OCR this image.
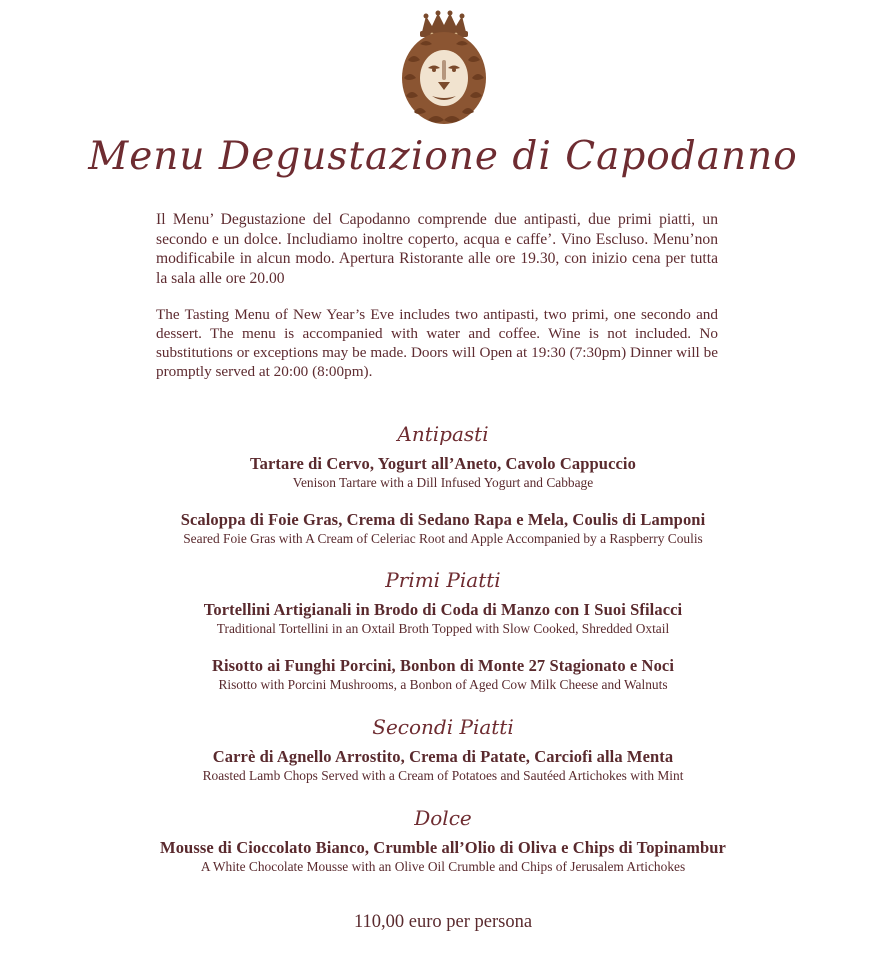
Menu Degustazione di Capodanno

Il Menu’ Degustazione del Capodanno comprende due antipasti, due primi piatti, un secondo e un dolce. Includiamo inoltre coperto, acqua e caffe’. Vino Escluso. Menu’non modificabile in alcun modo. Apertura Ristorante alle ore 19.30, con inizio cena per tutta la sala alle ore 20.00

The Tasting Menu of New Year’s Eve includes two antipasti, two primi, one secondo and dessert. The menu is accompanied with water and coffee. Wine is not included. No substitutions or exceptions may be made. Doors will Open at 19:30 (7:30pm) Dinner will be promptly served at 20:00 (8:00pm).

Antipasti
Tartare di Cervo, Yogurt all’Aneto, Cavolo Cappuccio
Venison Tartare with a Dill Infused Yogurt and Cabbage
Scaloppa di Foie Gras, Crema di Sedano Rapa e Mela, Coulis di Lamponi
Seared Foie Gras with A Cream of Celeriac Root and Apple Accompanied by a Raspberry Coulis
Primi Piatti
Tortellini Artigianali in Brodo di Coda di Manzo con I Suoi Sfilacci
Traditional Tortellini in an Oxtail Broth Topped with Slow Cooked, Shredded Oxtail
Risotto ai Funghi Porcini, Bonbon di Monte 27 Stagionato e Noci
Risotto with Porcini Mushrooms, a Bonbon of Aged Cow Milk Cheese and Walnuts
Secondi Piatti
Carrè di Agnello Arrostito, Crema di Patate, Carciofi alla Menta
Roasted Lamb Chops Served with a Cream of Potatoes and Sautéed Artichokes with Mint
Dolce
Mousse di Cioccolato Bianco, Crumble all’Olio di Oliva e Chips di Topinambur
A White Chocolate Mousse with an Olive Oil Crumble and Chips of Jerusalem Artichokes
110,00 euro per persona
